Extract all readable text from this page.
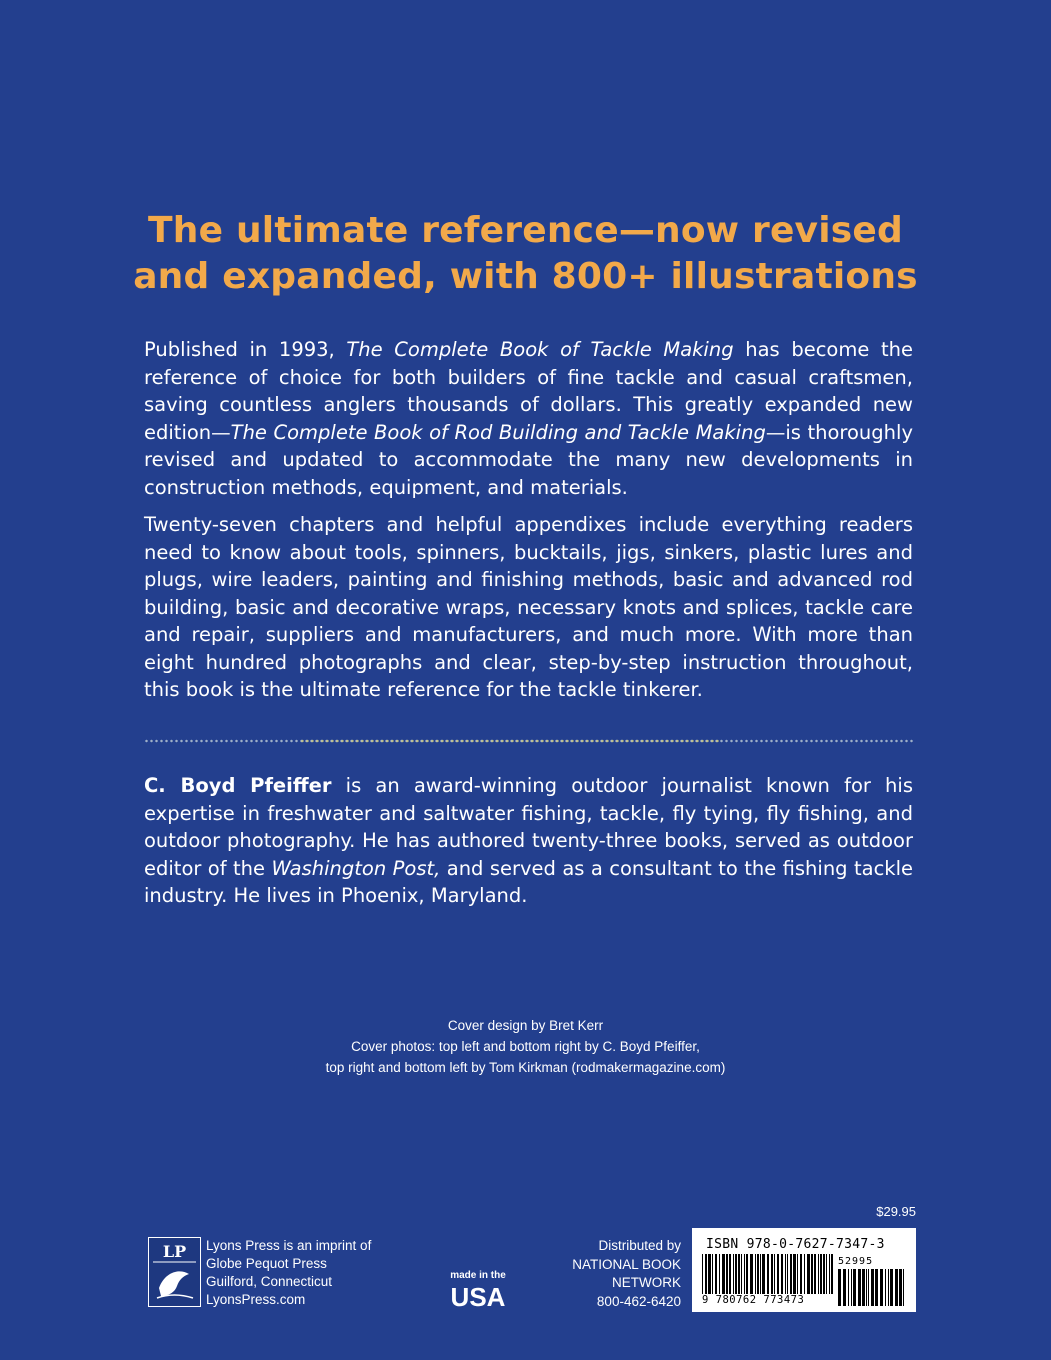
The ultimate reference—now revised
and expanded, with 800+ illustrations

Published in 1993, The Complete Book of Tackle Making has become the reference of choice for both builders of fine tackle and casual craftsmen, saving countless anglers thousands of dollars. This greatly expanded new edition—The Complete Book of Rod Building and Tackle Making—is thoroughly revised and updated to accommodate the many new developments in construction methods, equipment, and materials.

Twenty-seven chapters and helpful appendixes include everything readers need to know about tools, spinners, bucktails, jigs, sinkers, plastic lures and plugs, wire leaders, painting and finishing methods, basic and advanced rod building, basic and decorative wraps, necessary knots and splices, tackle care and repair, suppliers and manufacturers, and much more. With more than eight hundred photographs and clear, step-by-step instruction throughout, this book is the ultimate reference for the tackle tinkerer.

C. Boyd Pfeiffer is an award-winning outdoor journalist known for his expertise in freshwater and saltwater fishing, tackle, fly tying, fly fishing, and outdoor photography. He has authored twenty-three books, served as outdoor editor of the Washington Post, and served as a consultant to the fishing tackle industry. He lives in Phoenix, Maryland.

Cover design by Bret Kerr
Cover photos: top left and bottom right by C. Boyd Pfeiffer,
top right and bottom left by Tom Kirkman (rodmakermagazine.com)
$29.95
LP Lyons Press is an imprint of
Globe Pequot Press
Guilford, Connecticut
LyonsPress.com
made in the
USA
Distributed by
NATIONAL BOOK
NETWORK
800-462-6420
ISBN 978-0-7627-7347-3
9 780762 773473
52995
